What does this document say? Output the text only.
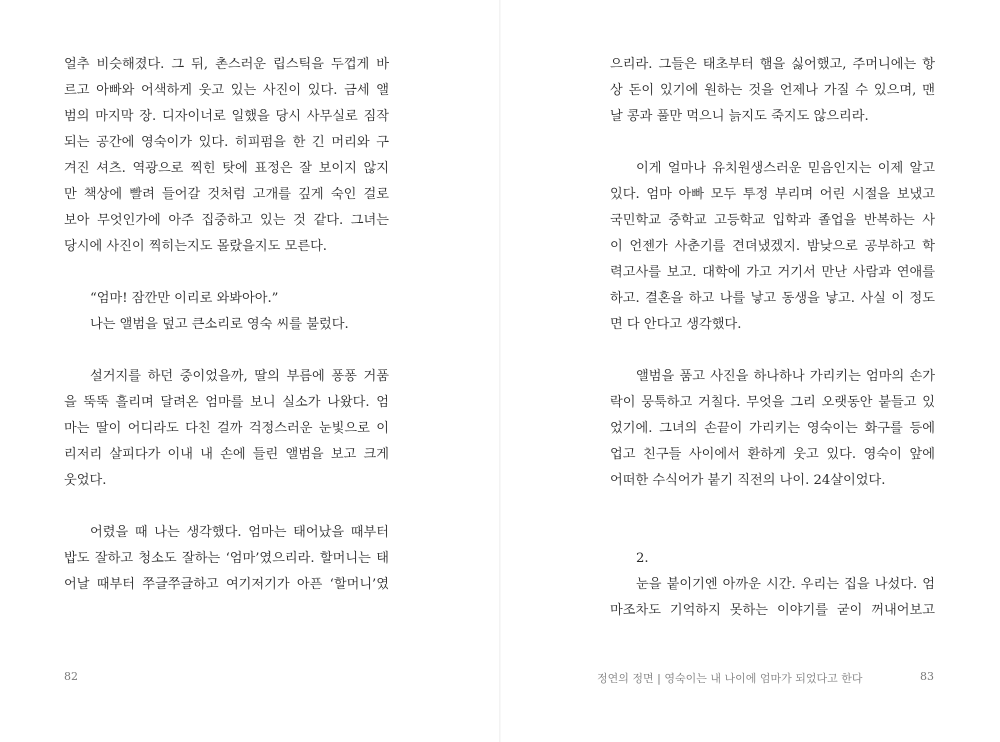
얼추 비슷해졌다. 그 뒤, 촌스러운 립스틱을 두껍게 바
르고 아빠와 어색하게 웃고 있는 사진이 있다. 금세 앨
범의 마지막 장. 디자이너로 일했을 당시 사무실로 짐작
되는 공간에 영숙이가 있다. 히피펌을 한 긴 머리와 구
겨진 셔츠. 역광으로 찍힌 탓에 표정은 잘 보이지 않지
만 책상에 빨려 들어갈 것처럼 고개를 깊게 숙인 걸로
보아 무엇인가에 아주 집중하고 있는 것 같다. 그녀는
당시에 사진이 찍히는지도 몰랐을지도 모른다.
“엄마! 잠깐만 이리로 와봐아아.”
나는 앨범을 덮고 큰소리로 영숙 씨를 불렀다.
설거지를 하던 중이었을까, 딸의 부름에 퐁퐁 거품
을 뚝뚝 흘리며 달려온 엄마를 보니 실소가 나왔다. 엄
마는 딸이 어디라도 다친 걸까 걱정스러운 눈빛으로 이
리저리 살피다가 이내 내 손에 들린 앨범을 보고 크게
웃었다.
어렸을 때 나는 생각했다. 엄마는 태어났을 때부터
밥도 잘하고 청소도 잘하는 ‘엄마’였으리라. 할머니는 태
어날 때부터 쭈글쭈글하고 여기저기가 아픈 ‘할머니’였
82
으리라. 그들은 태초부터 햄을 싫어했고, 주머니에는 항
상 돈이 있기에 원하는 것을 언제나 가질 수 있으며, 맨
날 콩과 풀만 먹으니 늙지도 죽지도 않으리라.
이게 얼마나 유치원생스러운 믿음인지는 이제 알고
있다. 엄마 아빠 모두 투정 부리며 어린 시절을 보냈고
국민학교 중학교 고등학교 입학과 졸업을 반복하는 사
이 언젠가 사춘기를 견뎌냈겠지. 밤낮으로 공부하고 학
력고사를 보고. 대학에 가고 거기서 만난 사람과 연애를
하고. 결혼을 하고 나를 낳고 동생을 낳고. 사실 이 정도
면 다 안다고 생각했다.
앨범을 품고 사진을 하나하나 가리키는 엄마의 손가
락이 뭉툭하고 거칠다. 무엇을 그리 오랫동안 붙들고 있
었기에. 그녀의 손끝이 가리키는 영숙이는 화구를 등에
업고 친구들 사이에서 환하게 웃고 있다. 영숙이 앞에
어떠한 수식어가 붙기 직전의 나이. 24살이었다.
2.
눈을 붙이기엔 아까운 시간. 우리는 집을 나섰다. 엄
마조차도 기억하지 못하는 이야기를 굳이 꺼내어보고
정연의 정면 | 영숙이는 내 나이에 엄마가 되었다고 한다	83
